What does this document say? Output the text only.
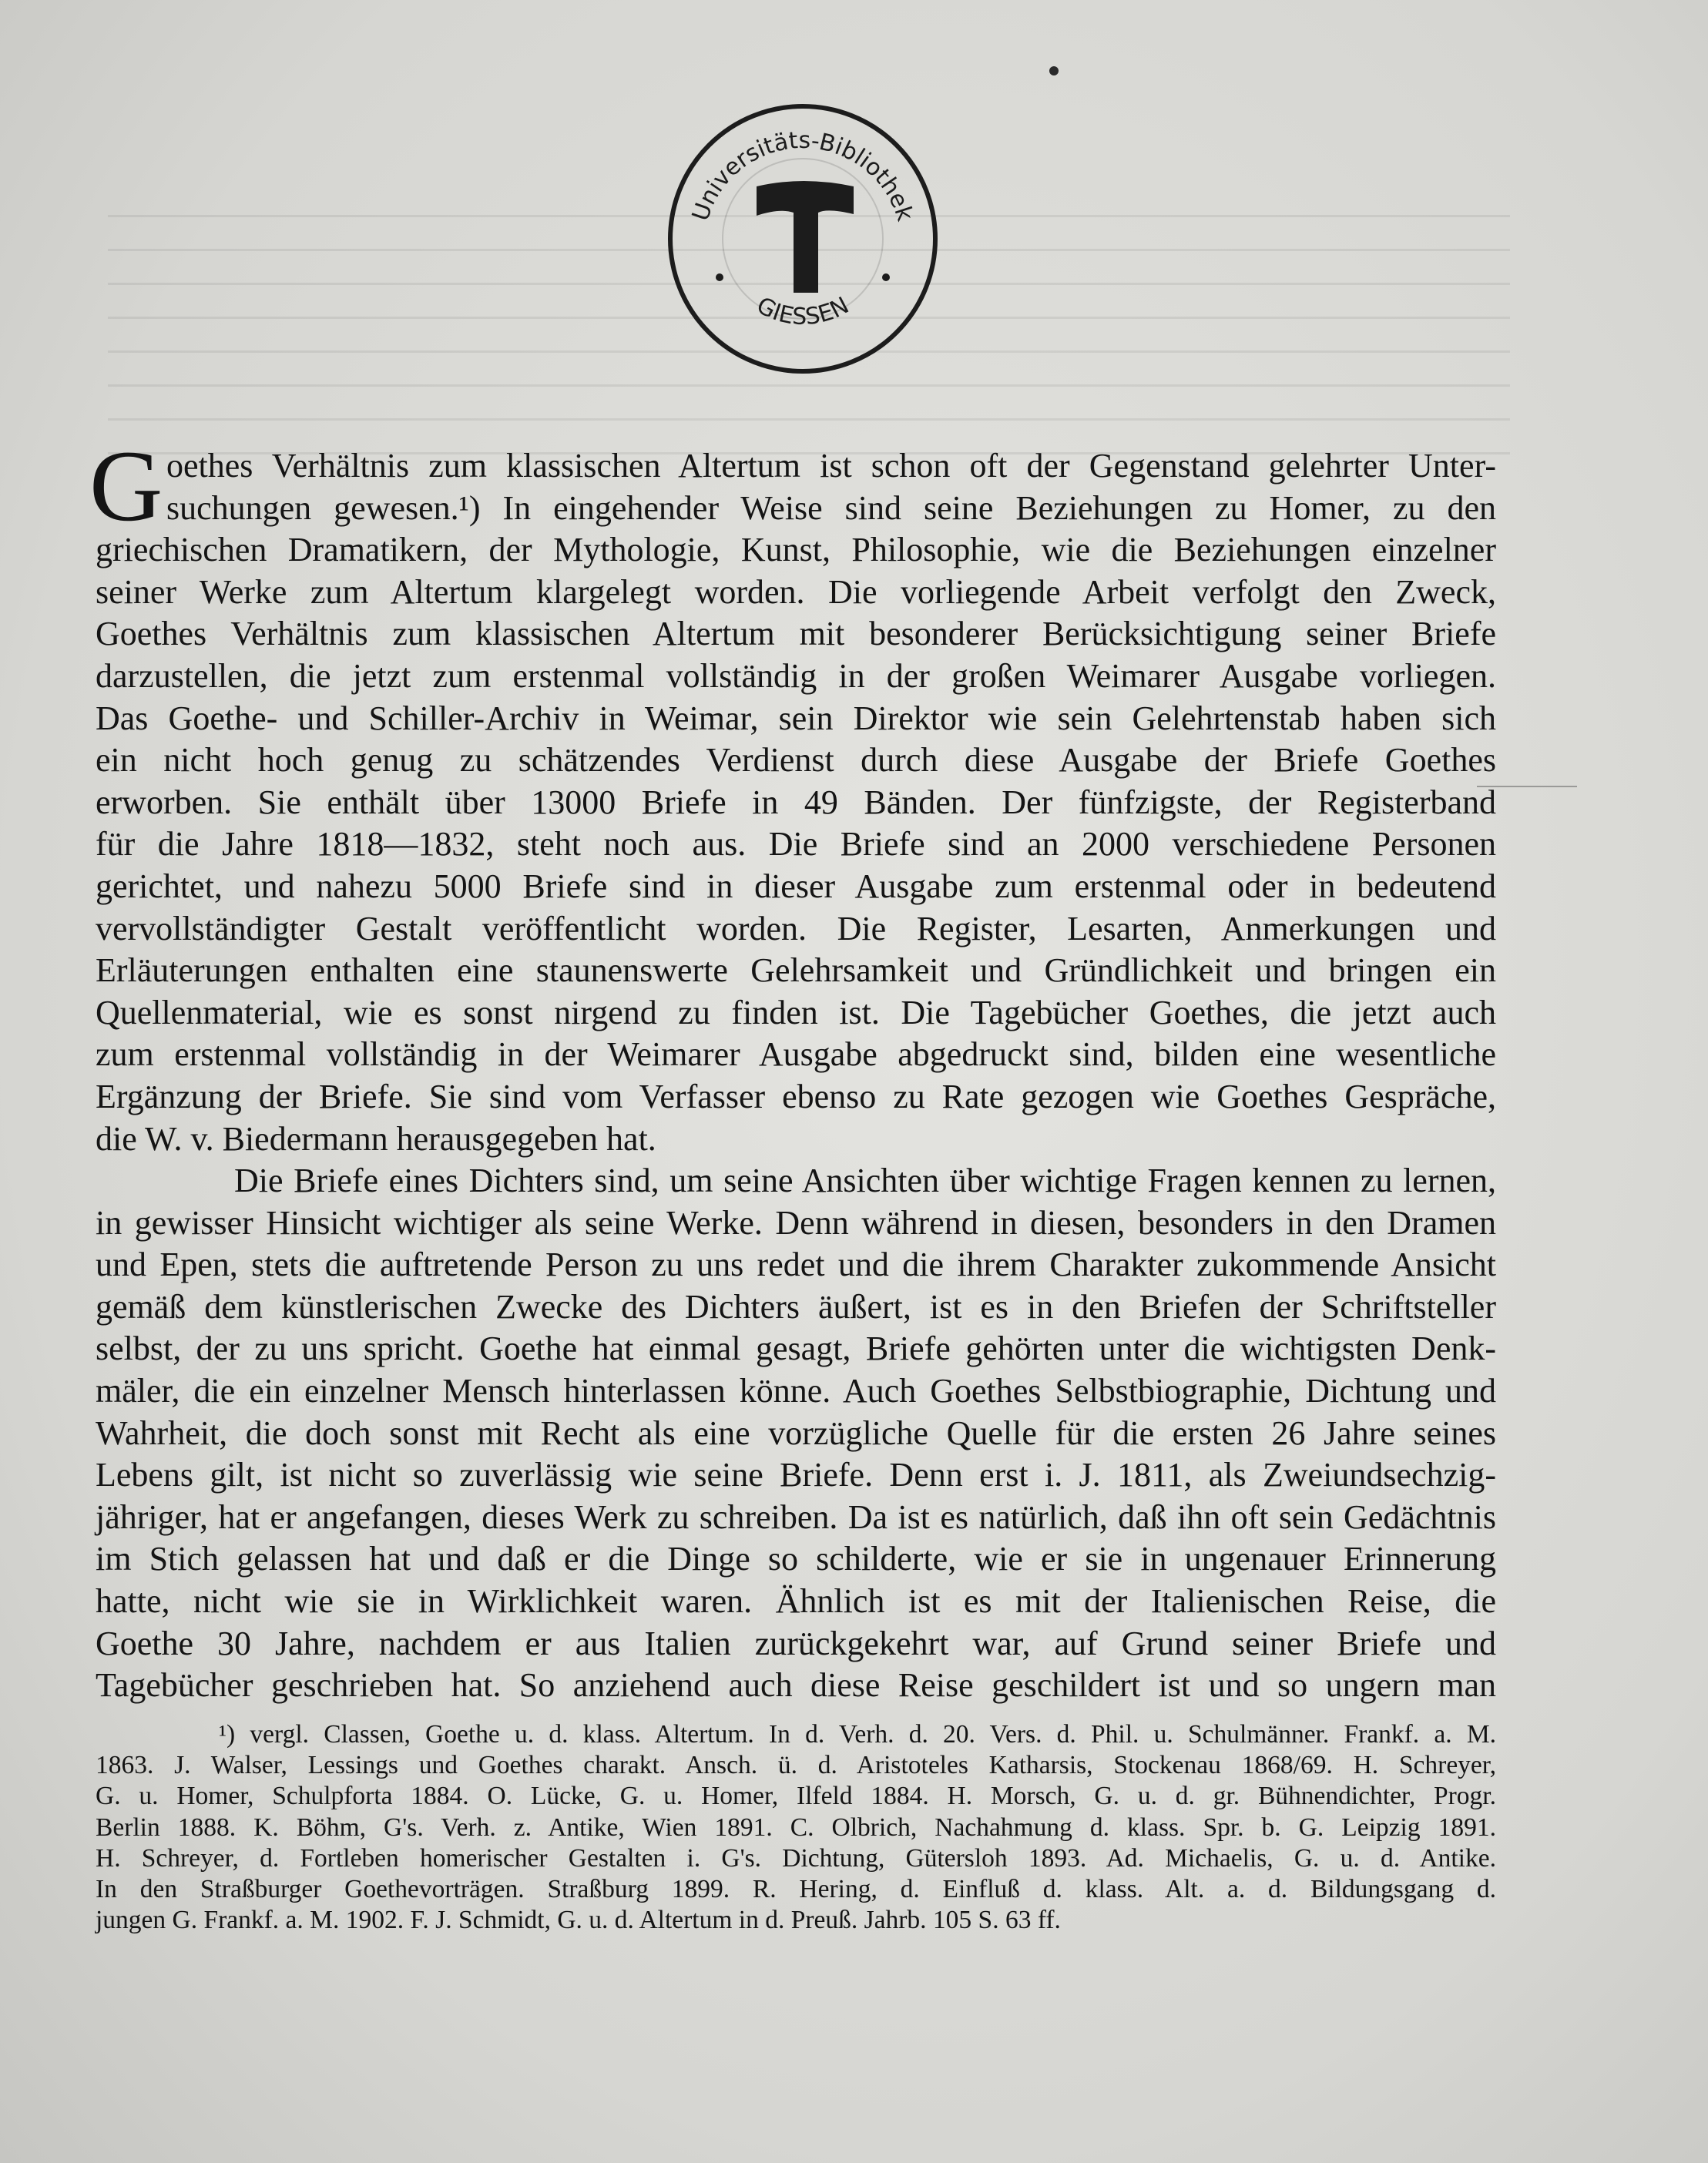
Universitäts-Bibliothek
GIESSEN
G oethes Verhältnis zum klassischen Altertum ist schon oft der Gegenstand gelehrter Unter-
suchungen gewesen.¹) In eingehender Weise sind seine Beziehungen zu Homer, zu den
griechischen Dramatikern, der Mythologie, Kunst, Philosophie, wie die Beziehungen einzelner
seiner Werke zum Altertum klargelegt worden. Die vorliegende Arbeit verfolgt den Zweck,
Goethes Verhältnis zum klassischen Altertum mit besonderer Berücksichtigung seiner Briefe
darzustellen, die jetzt zum erstenmal vollständig in der großen Weimarer Ausgabe vorliegen.
Das Goethe- und Schiller-Archiv in Weimar, sein Direktor wie sein Gelehrtenstab haben sich
ein nicht hoch genug zu schätzendes Verdienst durch diese Ausgabe der Briefe Goethes
erworben. Sie enthält über 13000 Briefe in 49 Bänden. Der fünfzigste, der Registerband
für die Jahre 1818—1832, steht noch aus. Die Briefe sind an 2000 verschiedene Personen
gerichtet, und nahezu 5000 Briefe sind in dieser Ausgabe zum erstenmal oder in bedeutend
vervollständigter Gestalt veröffentlicht worden. Die Register, Lesarten, Anmerkungen und
Erläuterungen enthalten eine staunenswerte Gelehrsamkeit und Gründlichkeit und bringen ein
Quellenmaterial, wie es sonst nirgend zu finden ist. Die Tagebücher Goethes, die jetzt auch
zum erstenmal vollständig in der Weimarer Ausgabe abgedruckt sind, bilden eine wesentliche
Ergänzung der Briefe. Sie sind vom Verfasser ebenso zu Rate gezogen wie Goethes Gespräche,
die W. v. Biedermann herausgegeben hat.
Die Briefe eines Dichters sind, um seine Ansichten über wichtige Fragen kennen zu lernen,
in gewisser Hinsicht wichtiger als seine Werke. Denn während in diesen, besonders in den Dramen
und Epen, stets die auftretende Person zu uns redet und die ihrem Charakter zukommende Ansicht
gemäß dem künstlerischen Zwecke des Dichters äußert, ist es in den Briefen der Schriftsteller
selbst, der zu uns spricht. Goethe hat einmal gesagt, Briefe gehörten unter die wichtigsten Denk-
mäler, die ein einzelner Mensch hinterlassen könne. Auch Goethes Selbstbiographie, Dichtung und
Wahrheit, die doch sonst mit Recht als eine vorzügliche Quelle für die ersten 26 Jahre seines
Lebens gilt, ist nicht so zuverlässig wie seine Briefe. Denn erst i. J. 1811, als Zweiundsechzig-
jähriger, hat er angefangen, dieses Werk zu schreiben. Da ist es natürlich, daß ihn oft sein Gedächtnis
im Stich gelassen hat und daß er die Dinge so schilderte, wie er sie in ungenauer Erinnerung
hatte, nicht wie sie in Wirklichkeit waren. Ähnlich ist es mit der Italienischen Reise, die
Goethe 30 Jahre, nachdem er aus Italien zurückgekehrt war, auf Grund seiner Briefe und
Tagebücher geschrieben hat. So anziehend auch diese Reise geschildert ist und so ungern man
¹) vergl. Classen, Goethe u. d. klass. Altertum. In d. Verh. d. 20. Vers. d. Phil. u. Schulmänner. Frankf. a. M.
1863. J. Walser, Lessings und Goethes charakt. Ansch. ü. d. Aristoteles Katharsis, Stockenau 1868/69. H. Schreyer,
G. u. Homer, Schulpforta 1884. O. Lücke, G. u. Homer, Ilfeld 1884. H. Morsch, G. u. d. gr. Bühnendichter, Progr.
Berlin 1888. K. Böhm, G's. Verh. z. Antike, Wien 1891. C. Olbrich, Nachahmung d. klass. Spr. b. G. Leipzig 1891.
H. Schreyer, d. Fortleben homerischer Gestalten i. G's. Dichtung, Gütersloh 1893. Ad. Michaelis, G. u. d. Antike.
In den Straßburger Goethevorträgen. Straßburg 1899. R. Hering, d. Einfluß d. klass. Alt. a. d. Bildungsgang d.
jungen G. Frankf. a. M. 1902. F. J. Schmidt, G. u. d. Altertum in d. Preuß. Jahrb. 105 S. 63 ff.
